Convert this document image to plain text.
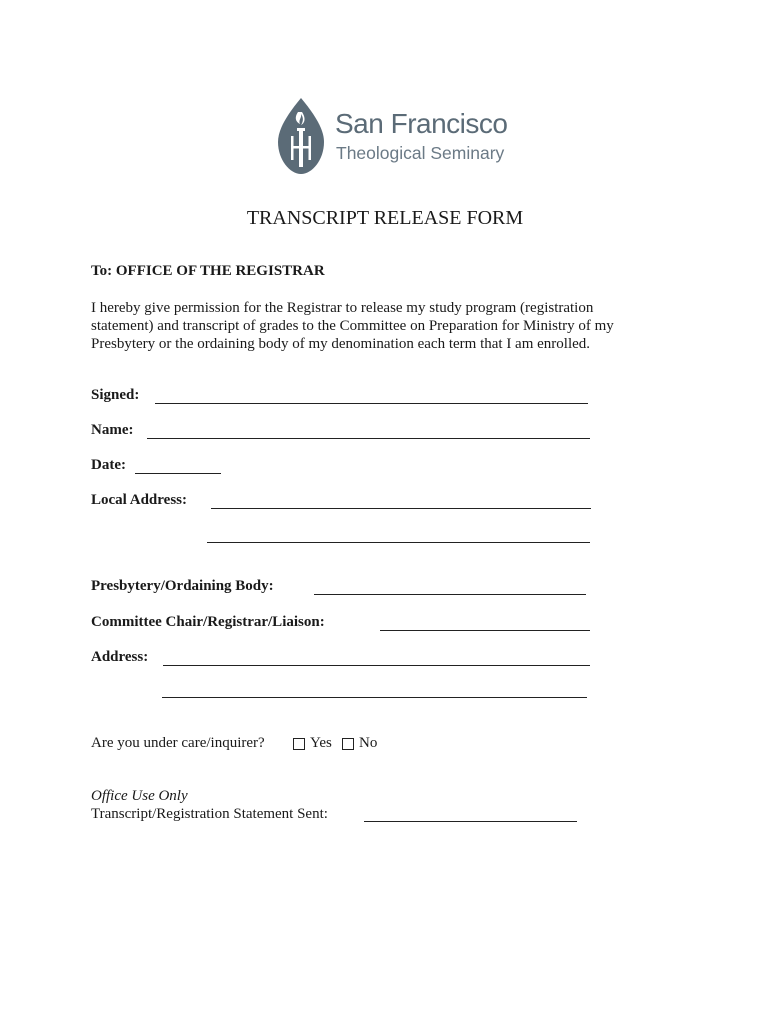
San Francisco
Theological Seminary
TRANSCRIPT RELEASE FORM
To: OFFICE OF THE REGISTRAR
I hereby give permission for the Registrar to release my study program (registration
statement) and transcript of grades to the Committee on Preparation for Ministry of my
Presbytery or the ordaining body of my denomination each term that I am enrolled.
Signed:
Name:
Date:
Local Address:
Presbytery/Ordaining Body:
Committee Chair/Registrar/Liaison:
Address:
Are you under care/inquirer?	Yes No
Office Use Only
Transcript/Registration Statement Sent:
